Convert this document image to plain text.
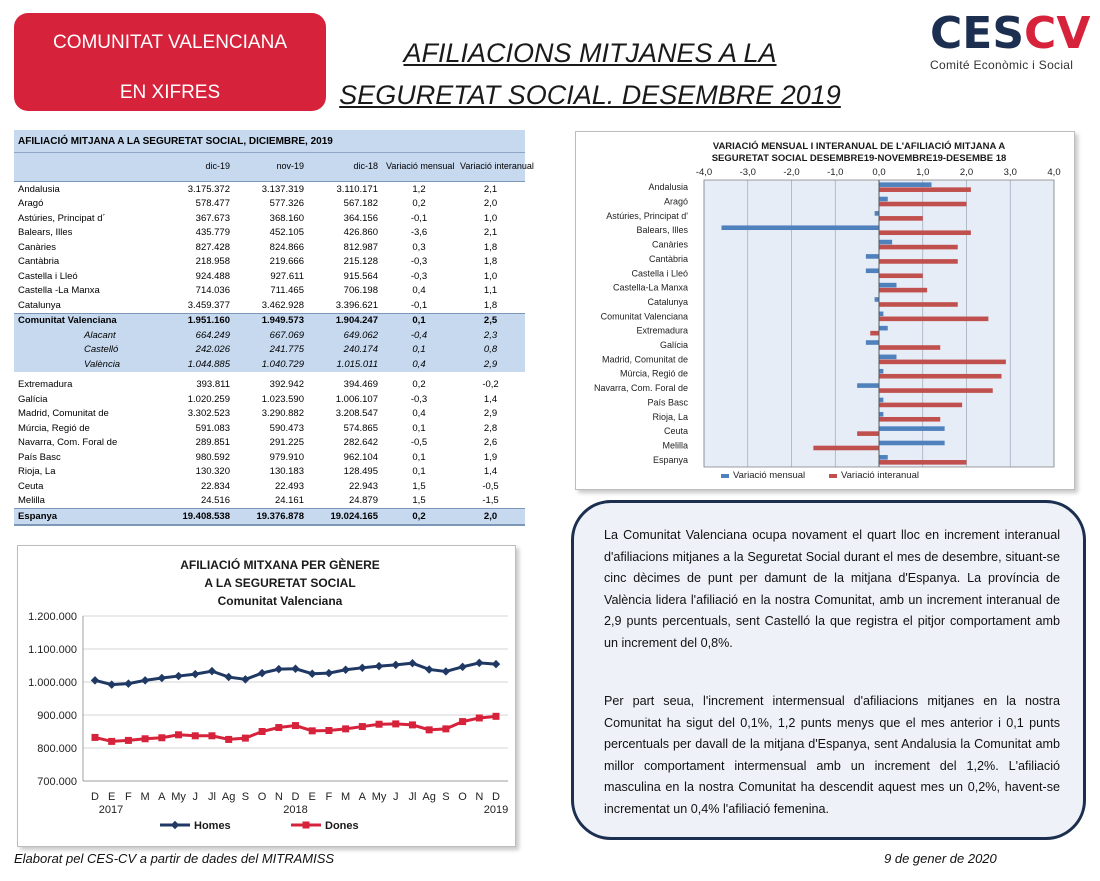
COMUNITAT VALENCIANA
EN XIFRES
AFILIACIONS MITJANES A LA
SEGURETAT SOCIAL. DESEMBRE 2019
CESCV
Comité Econòmic i Social
AFILIACIÓ MITJANA A LA SEGURETAT SOCIAL, DICIEMBRE, 2019					
	dic-19	nov-19	dic-18	Variació mensual	Variació interanual
Andalusia	3.175.372	3.137.319	3.110.171	1,2	2,1
Aragó	578.477	577.326	567.182	0,2	2,0
Astúries, Principat d´	367.673	368.160	364.156	-0,1	1,0
Balears, Illes	435.779	452.105	426.860	-3,6	2,1
Canàries	827.428	824.866	812.987	0,3	1,8
Cantàbria	218.958	219.666	215.128	-0,3	1,8
Castella i Lleó	924.488	927.611	915.564	-0,3	1,0
Castella -La Manxa	714.036	711.465	706.198	0,4	1,1
Catalunya	3.459.377	3.462.928	3.396.621	-0,1	1,8
Comunitat Valenciana	1.951.160	1.949.573	1.904.247	0,1	2,5
Alacant	664.249	667.069	649.062	-0,4	2,3
Castelló	242.026	241.775	240.174	0,1	0,8
València	1.044.885	1.040.729	1.015.011	0,4	2,9

Extremadura	393.811	392.942	394.469	0,2	-0,2
Galícia	1.020.259	1.023.590	1.006.107	-0,3	1,4
Madrid, Comunitat de	3.302.523	3.290.882	3.208.547	0,4	2,9
Múrcia, Regió de	591.083	590.473	574.865	0,1	2,8
Navarra, Com. Foral de	289.851	291.225	282.642	-0,5	2,6
País Basc	980.592	979.910	962.104	0,1	1,9
Rioja, La	130.320	130.183	128.495	0,1	1,4
Ceuta	22.834	22.493	22.943	1,5	-0,5
Melilla	24.516	24.161	24.879	1,5	-1,5
Espanya	19.408.538	19.376.878	19.024.165	0,2	2,0
VARIACIÓ MENSUAL I INTERANUAL DE L'AFILIACIÓ MITJANA A
SEGURETAT SOCIAL DESEMBRE19-NOVEMBRE19-DESEMBE 18
-4,0	-3,0	-2,0	-1,0	0,0	1,0	2,0	3,0	4,0
Andalusia
Aragó
Astúries, Principat d'
Balears, Illes
Canàries
Cantàbria
Castella i Lleó
Castella-La Manxa
Catalunya
Comunitat Valenciana
Extremadura
Galícia
Madrid, Comunitat de
Múrcia, Regió de
Navarra, Com. Foral de
País Basc
Rioja, La
Ceuta
Melilla
Espanya
Variació mensual	Variació interanual
AFILIACIÓ MITXANA PER GÈNERE
A LA SEGURETAT SOCIAL
Comunitat Valenciana
700.000
800.000
900.000
1.000.000
1.100.000
1.200.000
D E F M A My J Jl Ag S O N D E F M A My J Jl Ag S O N D
2017	2018	2019
Homes	Dones

La Comunitat Valenciana ocupa novament el quart lloc en increment interanual d'afiliacions mitjanes a la Seguretat Social durant el mes de desembre, situant-se cinc dècimes de punt per damunt de la mitjana d'Espanya. La província de València lidera l'afiliació en la nostra Comunitat, amb un increment interanual de 2,9 punts percentuals, sent Castelló la que registra el pitjor comportament amb un increment del 0,8%.

Per part seua, l'increment intermensual d'afiliacions mitjanes en la nostra Comunitat ha sigut del 0,1%, 1,2 punts menys que el mes anterior i 0,1 punts percentuals per davall de la mitjana d'Espanya, sent Andalusia la Comunitat amb millor comportament intermensual amb un increment del 1,2%. L'afiliació masculina en la nostra Comunitat ha descendit aquest mes un 0,2%, havent-se incrementat un 0,4% l'afiliació femenina.

Elaborat pel CES-CV a partir de dades del MITRAMISS	9 de gener de 2020
